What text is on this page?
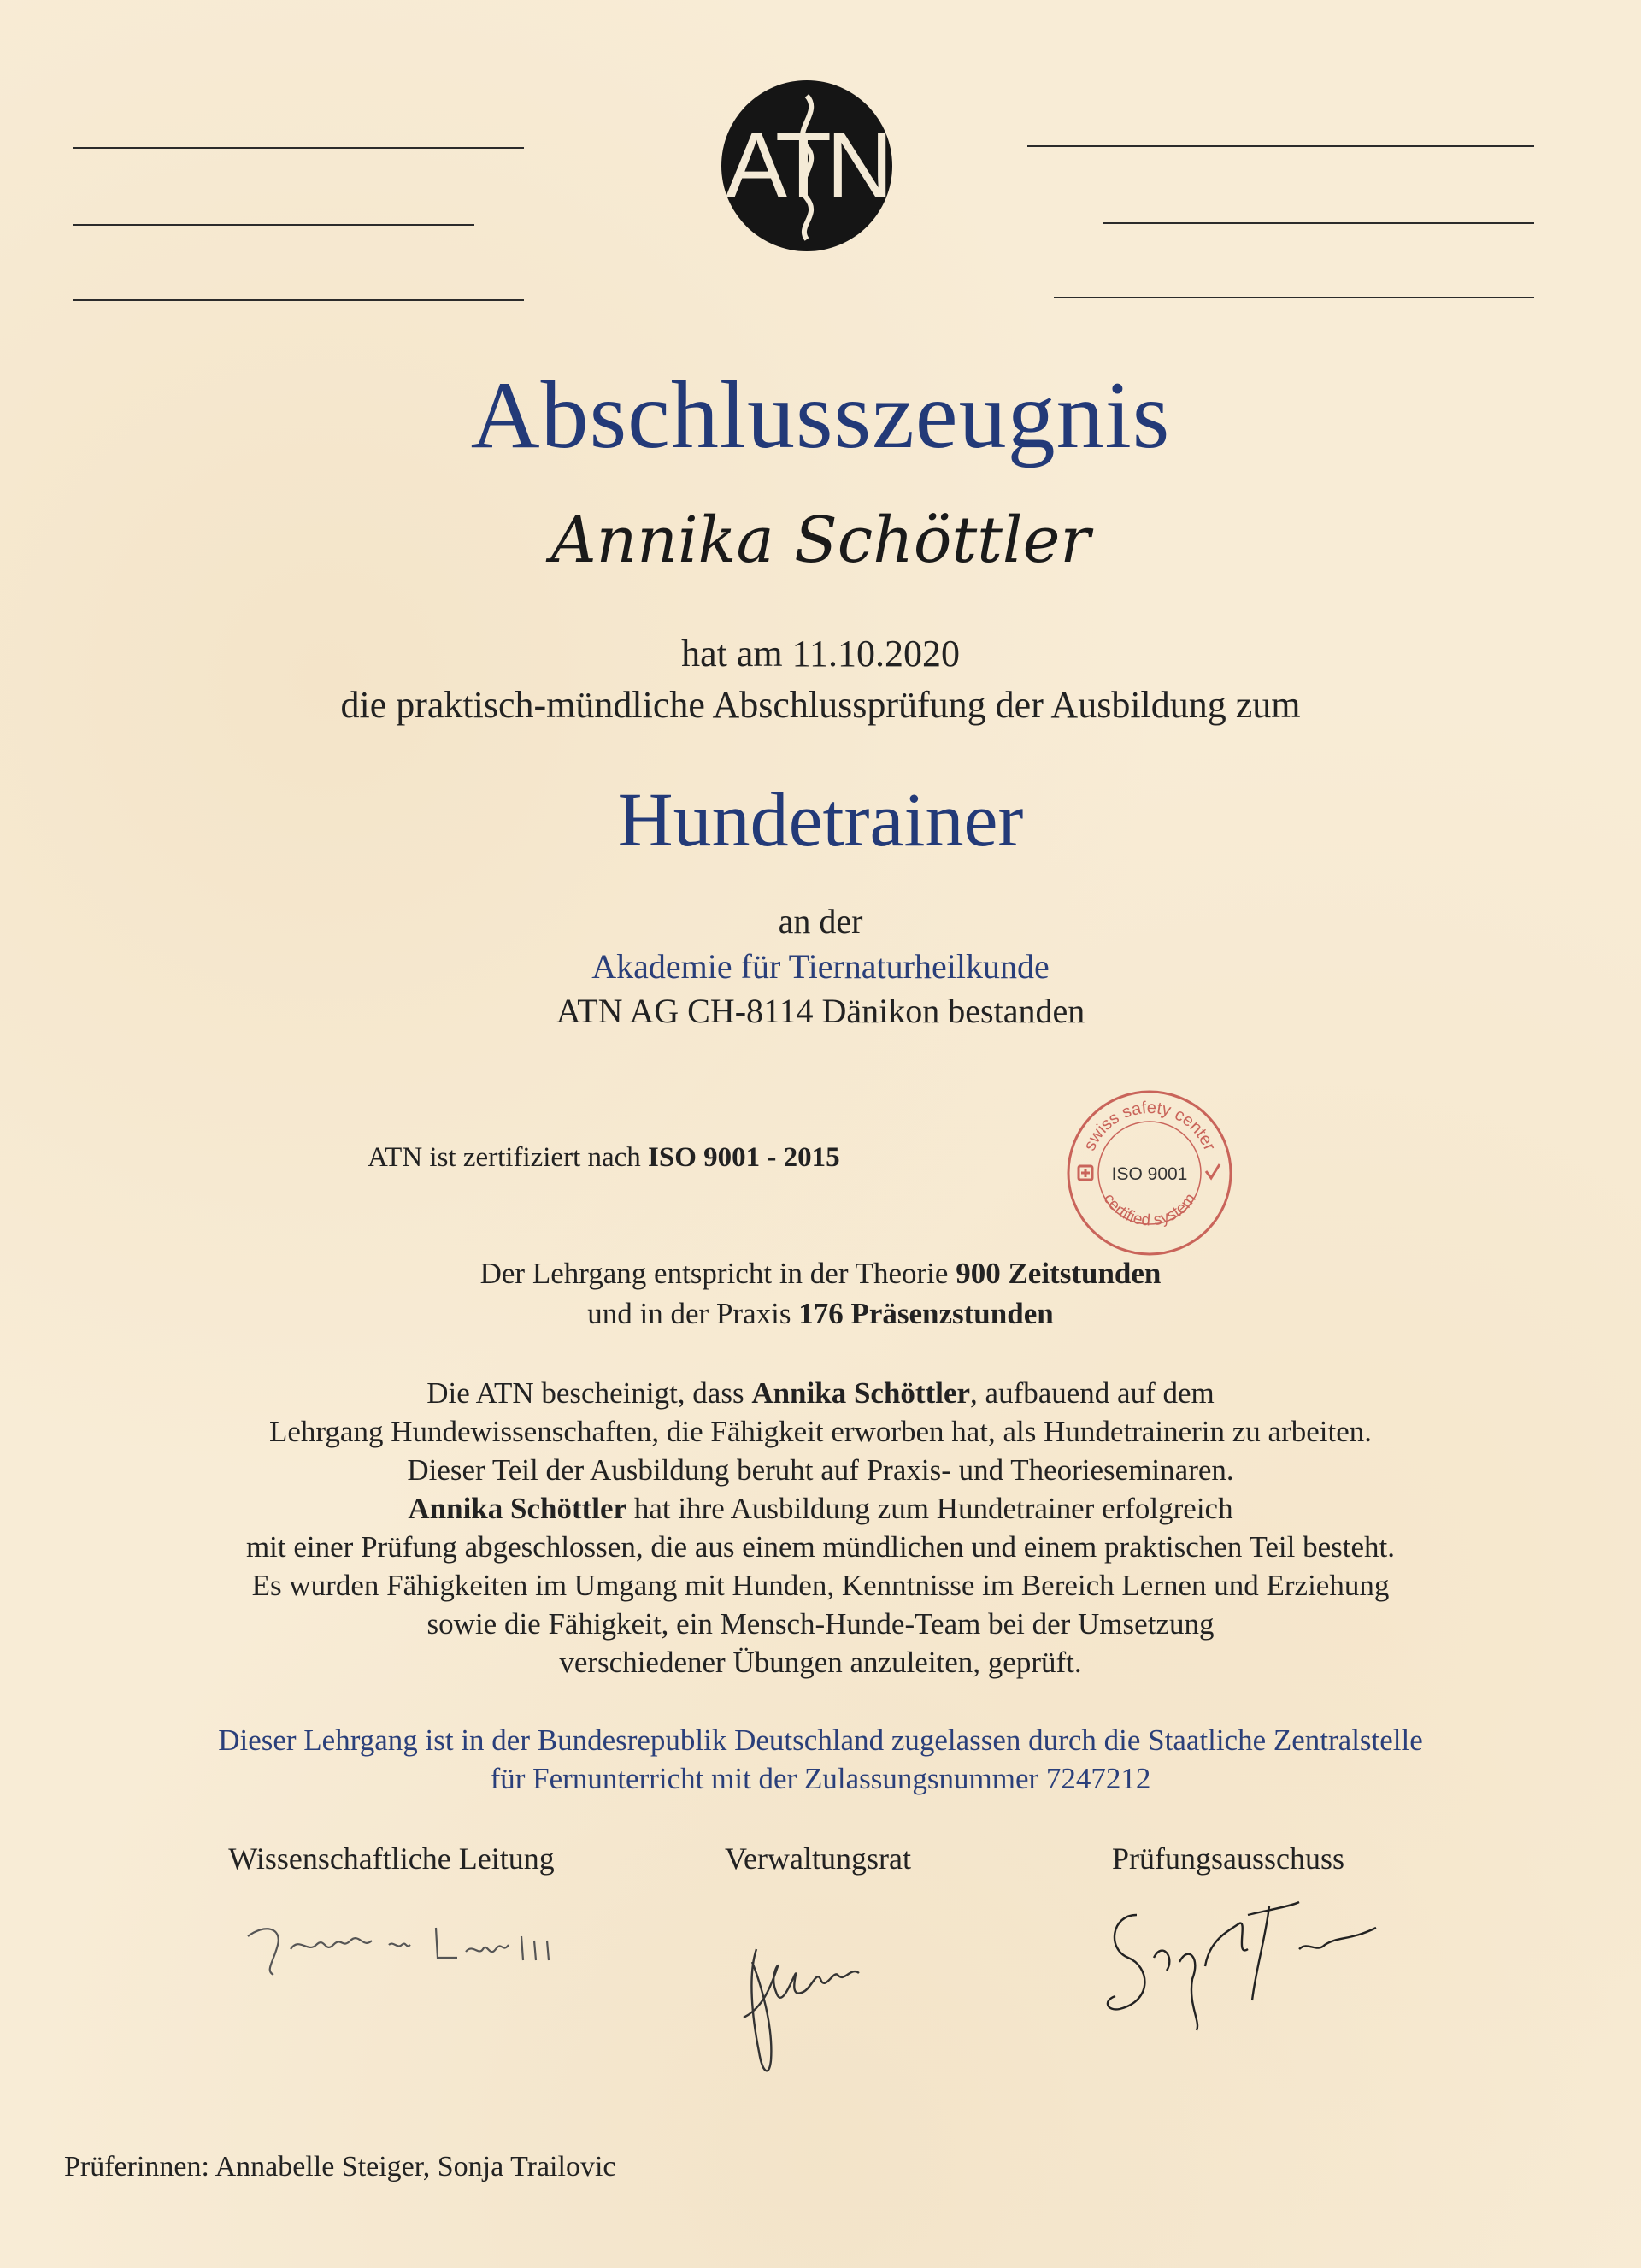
ATN
Abschlusszeugnis
Annika Schöttler
hat am 11.10.2020
die praktisch-mündliche Abschlussprüfung der Ausbildung zum
Hundetrainer
an der
Akademie für Tiernaturheilkunde
ATN AG CH-8114 Dänikon bestanden
ATN ist zertifiziert nach ISO 9001 - 2015	swiss safety center
certified system
ISO 9001
Der Lehrgang entspricht in der Theorie 900 Zeitstunden
und in der Praxis 176 Präsenzstunden
Die ATN bescheinigt, dass Annika Schöttler, aufbauend auf dem
Lehrgang Hundewissenschaften, die Fähigkeit erworben hat, als Hundetrainerin zu arbeiten.
Dieser Teil der Ausbildung beruht auf Praxis- und Theorieseminaren.
Annika Schöttler hat ihre Ausbildung zum Hundetrainer erfolgreich
mit einer Prüfung abgeschlossen, die aus einem mündlichen und einem praktischen Teil besteht.
Es wurden Fähigkeiten im Umgang mit Hunden, Kenntnisse im Bereich Lernen und Erziehung
sowie die Fähigkeit, ein Mensch-Hunde-Team bei der Umsetzung
verschiedener Übungen anzuleiten, geprüft.
Dieser Lehrgang ist in der Bundesrepublik Deutschland zugelassen durch die Staatliche Zentralstelle
für Fernunterricht mit der Zulassungsnummer 7247212
Wissenschaftliche Leitung	Verwaltungsrat	Prüfungsausschuss
Prüferinnen: Annabelle Steiger, Sonja Trailovic
